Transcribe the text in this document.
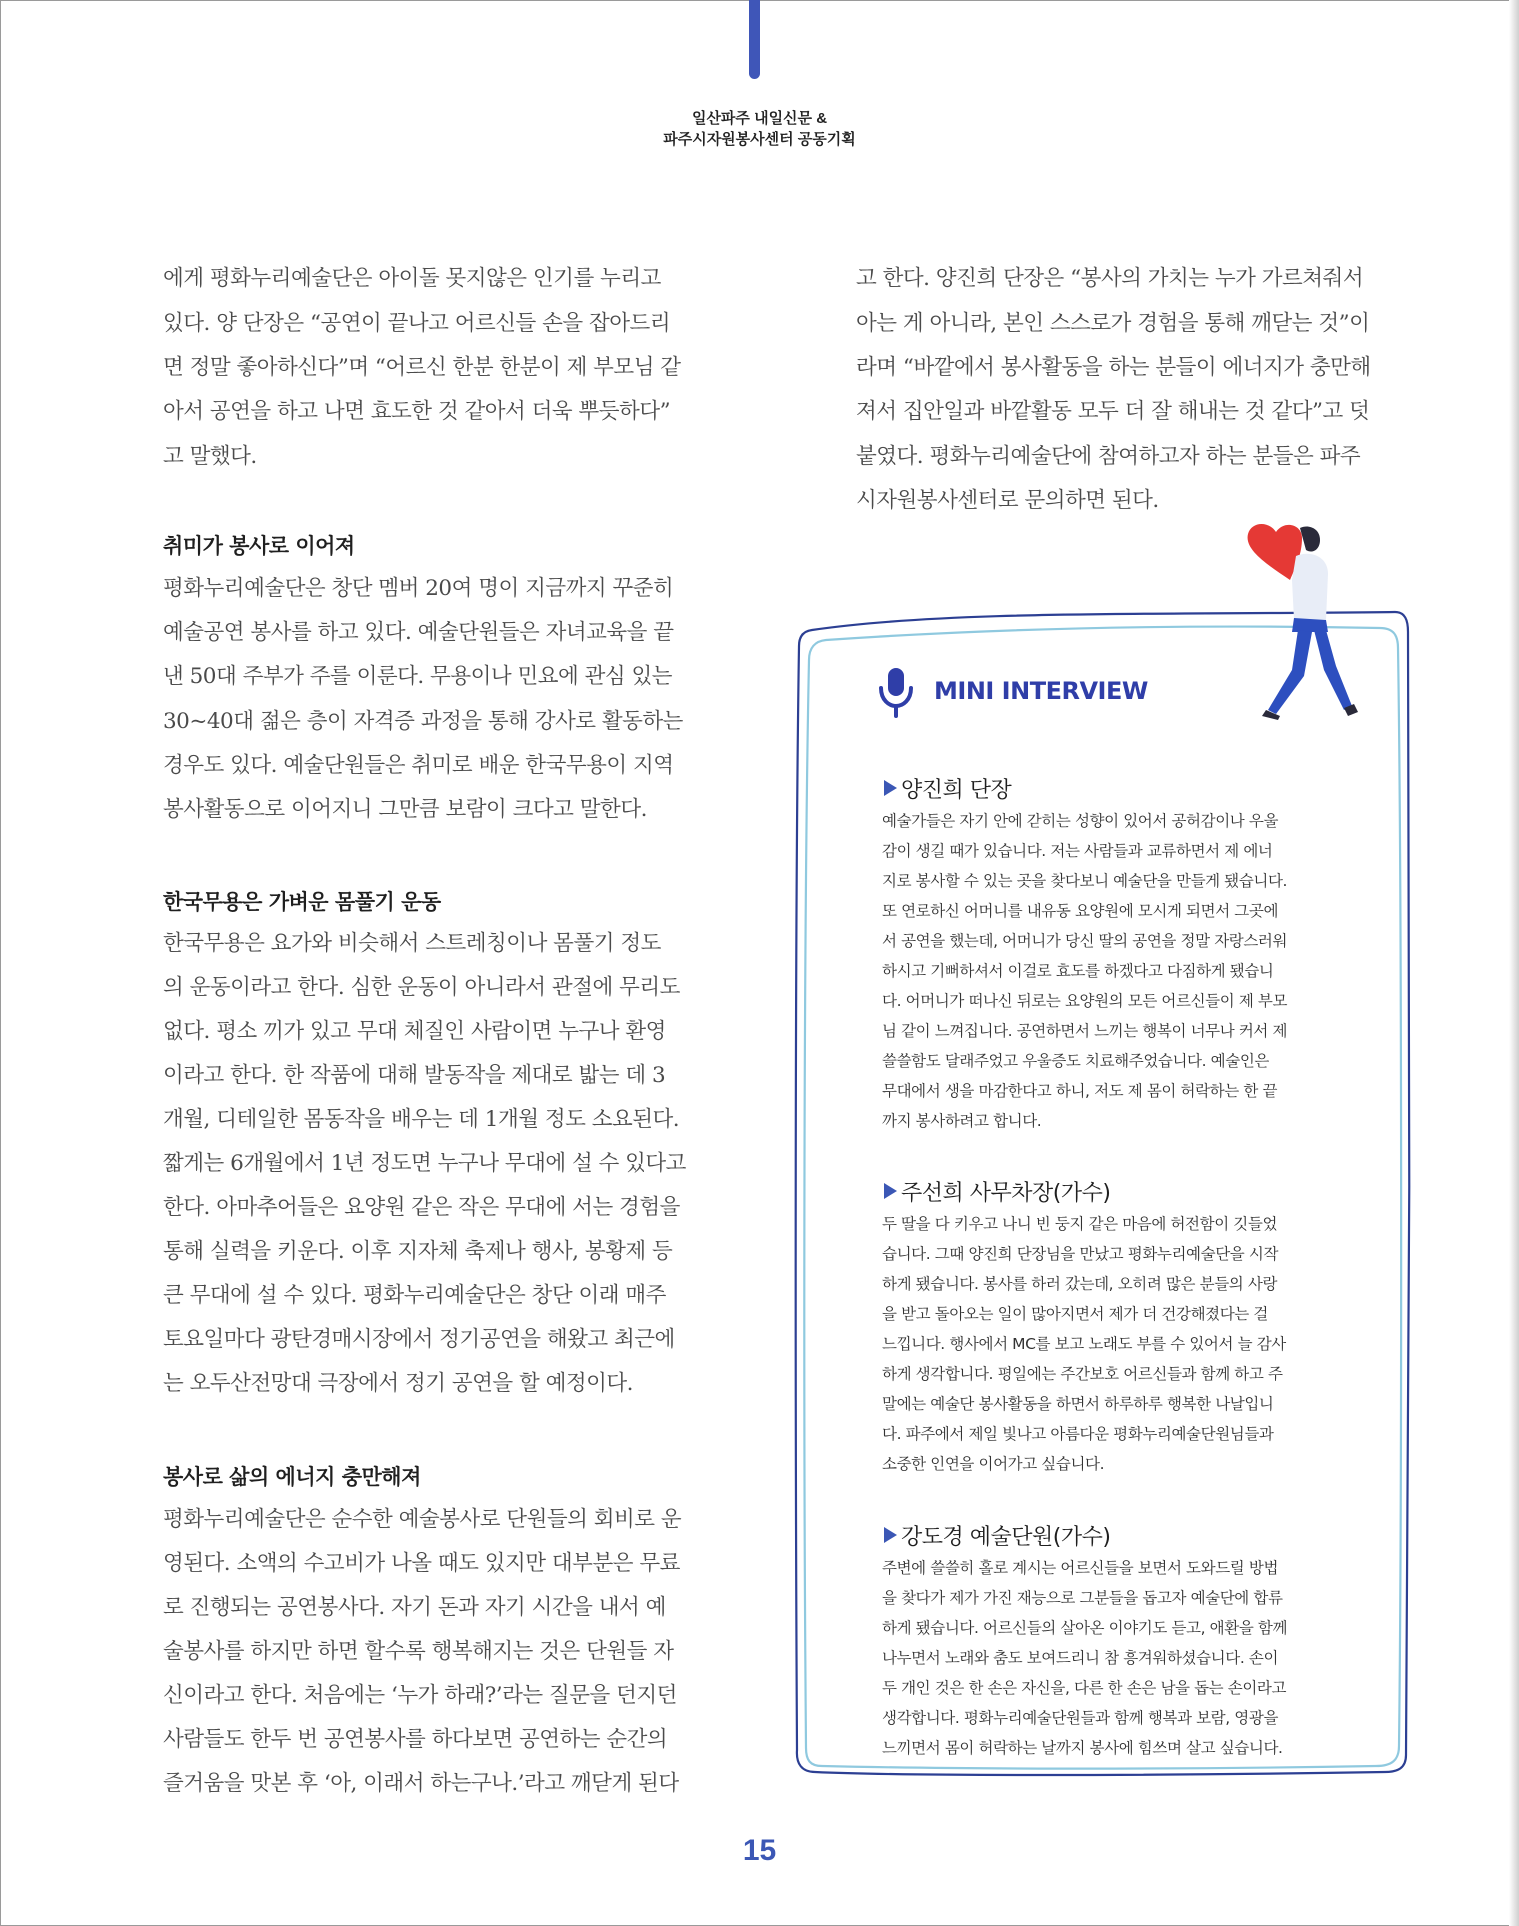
일산파주 내일신문 &
파주시자원봉사센터 공동기획
에게 평화누리예술단은 아이돌 못지않은 인기를 누리고
있다. 양 단장은 “공연이 끝나고 어르신들 손을 잡아드리
면 정말 좋아하신다”며 “어르신 한분 한분이 제 부모님 같
아서 공연을 하고 나면 효도한 것 같아서 더욱 뿌듯하다”
고 말했다.
취미가 봉사로 이어져
평화누리예술단은 창단 멤버 20여 명이 지금까지 꾸준히
예술공연 봉사를 하고 있다. 예술단원들은 자녀교육을 끝
낸 50대 주부가 주를 이룬다. 무용이나 민요에 관심 있는
30~40대 젊은 층이 자격증 과정을 통해 강사로 활동하는
경우도 있다. 예술단원들은 취미로 배운 한국무용이 지역
봉사활동으로 이어지니 그만큼 보람이 크다고 말한다.
한국무용은 가벼운 몸풀기 운동
한국무용은 요가와 비슷해서 스트레칭이나 몸풀기 정도
의 운동이라고 한다. 심한 운동이 아니라서 관절에 무리도
없다. 평소 끼가 있고 무대 체질인 사람이면 누구나 환영
이라고 한다. 한 작품에 대해 발동작을 제대로 밟는 데 3
개월, 디테일한 몸동작을 배우는 데 1개월 정도 소요된다.
짧게는 6개월에서 1년 정도면 누구나 무대에 설 수 있다고
한다. 아마추어들은 요양원 같은 작은 무대에 서는 경험을
통해 실력을 키운다. 이후 지자체 축제나 행사, 봉황제 등
큰 무대에 설 수 있다. 평화누리예술단은 창단 이래 매주
토요일마다 광탄경매시장에서 정기공연을 해왔고 최근에
는 오두산전망대 극장에서 정기 공연을 할 예정이다.
봉사로 삶의 에너지 충만해져
평화누리예술단은 순수한 예술봉사로 단원들의 회비로 운
영된다. 소액의 수고비가 나올 때도 있지만 대부분은 무료
로 진행되는 공연봉사다. 자기 돈과 자기 시간을 내서 예
술봉사를 하지만 하면 할수록 행복해지는 것은 단원들 자
신이라고 한다. 처음에는 ‘누가 하래?’라는 질문을 던지던
사람들도 한두 번 공연봉사를 하다보면 공연하는 순간의
즐거움을 맛본 후 ‘아, 이래서 하는구나.’라고 깨닫게 된다
고 한다. 양진희 단장은 “봉사의 가치는 누가 가르쳐줘서
아는 게 아니라, 본인 스스로가 경험을 통해 깨닫는 것”이
라며 “바깥에서 봉사활동을 하는 분들이 에너지가 충만해
져서 집안일과 바깥활동 모두 더 잘 해내는 것 같다”고 덧
붙였다. 평화누리예술단에 참여하고자 하는 분들은 파주
시자원봉사센터로 문의하면 된다.
MINI INTERVIEW
양진희 단장
예술가들은 자기 안에 갇히는 성향이 있어서 공허감이나 우울
감이 생길 때가 있습니다. 저는 사람들과 교류하면서 제 에너
지로 봉사할 수 있는 곳을 찾다보니 예술단을 만들게 됐습니다.
또 연로하신 어머니를 내유동 요양원에 모시게 되면서 그곳에
서 공연을 했는데, 어머니가 당신 딸의 공연을 정말 자랑스러워
하시고 기뻐하셔서 이걸로 효도를 하겠다고 다짐하게 됐습니
다. 어머니가 떠나신 뒤로는 요양원의 모든 어르신들이 제 부모
님 같이 느껴집니다. 공연하면서 느끼는 행복이 너무나 커서 제
쓸쓸함도 달래주었고 우울증도 치료해주었습니다. 예술인은
무대에서 생을 마감한다고 하니, 저도 제 몸이 허락하는 한 끝
까지 봉사하려고 합니다.
주선희 사무차장(가수)
두 딸을 다 키우고 나니 빈 둥지 같은 마음에 허전함이 깃들었
습니다. 그때 양진희 단장님을 만났고 평화누리예술단을 시작
하게 됐습니다. 봉사를 하러 갔는데, 오히려 많은 분들의 사랑
을 받고 돌아오는 일이 많아지면서 제가 더 건강해졌다는 걸
느낍니다. 행사에서 MC를 보고 노래도 부를 수 있어서 늘 감사
하게 생각합니다. 평일에는 주간보호 어르신들과 함께 하고 주
말에는 예술단 봉사활동을 하면서 하루하루 행복한 나날입니
다. 파주에서 제일 빛나고 아름다운 평화누리예술단원님들과
소중한 인연을 이어가고 싶습니다.
강도경 예술단원(가수)
주변에 쓸쓸히 홀로 계시는 어르신들을 보면서 도와드릴 방법
을 찾다가 제가 가진 재능으로 그분들을 돕고자 예술단에 합류
하게 됐습니다. 어르신들의 살아온 이야기도 듣고, 애환을 함께
나누면서 노래와 춤도 보여드리니 참 흥겨워하셨습니다. 손이
두 개인 것은 한 손은 자신을, 다른 한 손은 남을 돕는 손이라고
생각합니다. 평화누리예술단원들과 함께 행복과 보람, 영광을
느끼면서 몸이 허락하는 날까지 봉사에 힘쓰며 살고 싶습니다.
15
